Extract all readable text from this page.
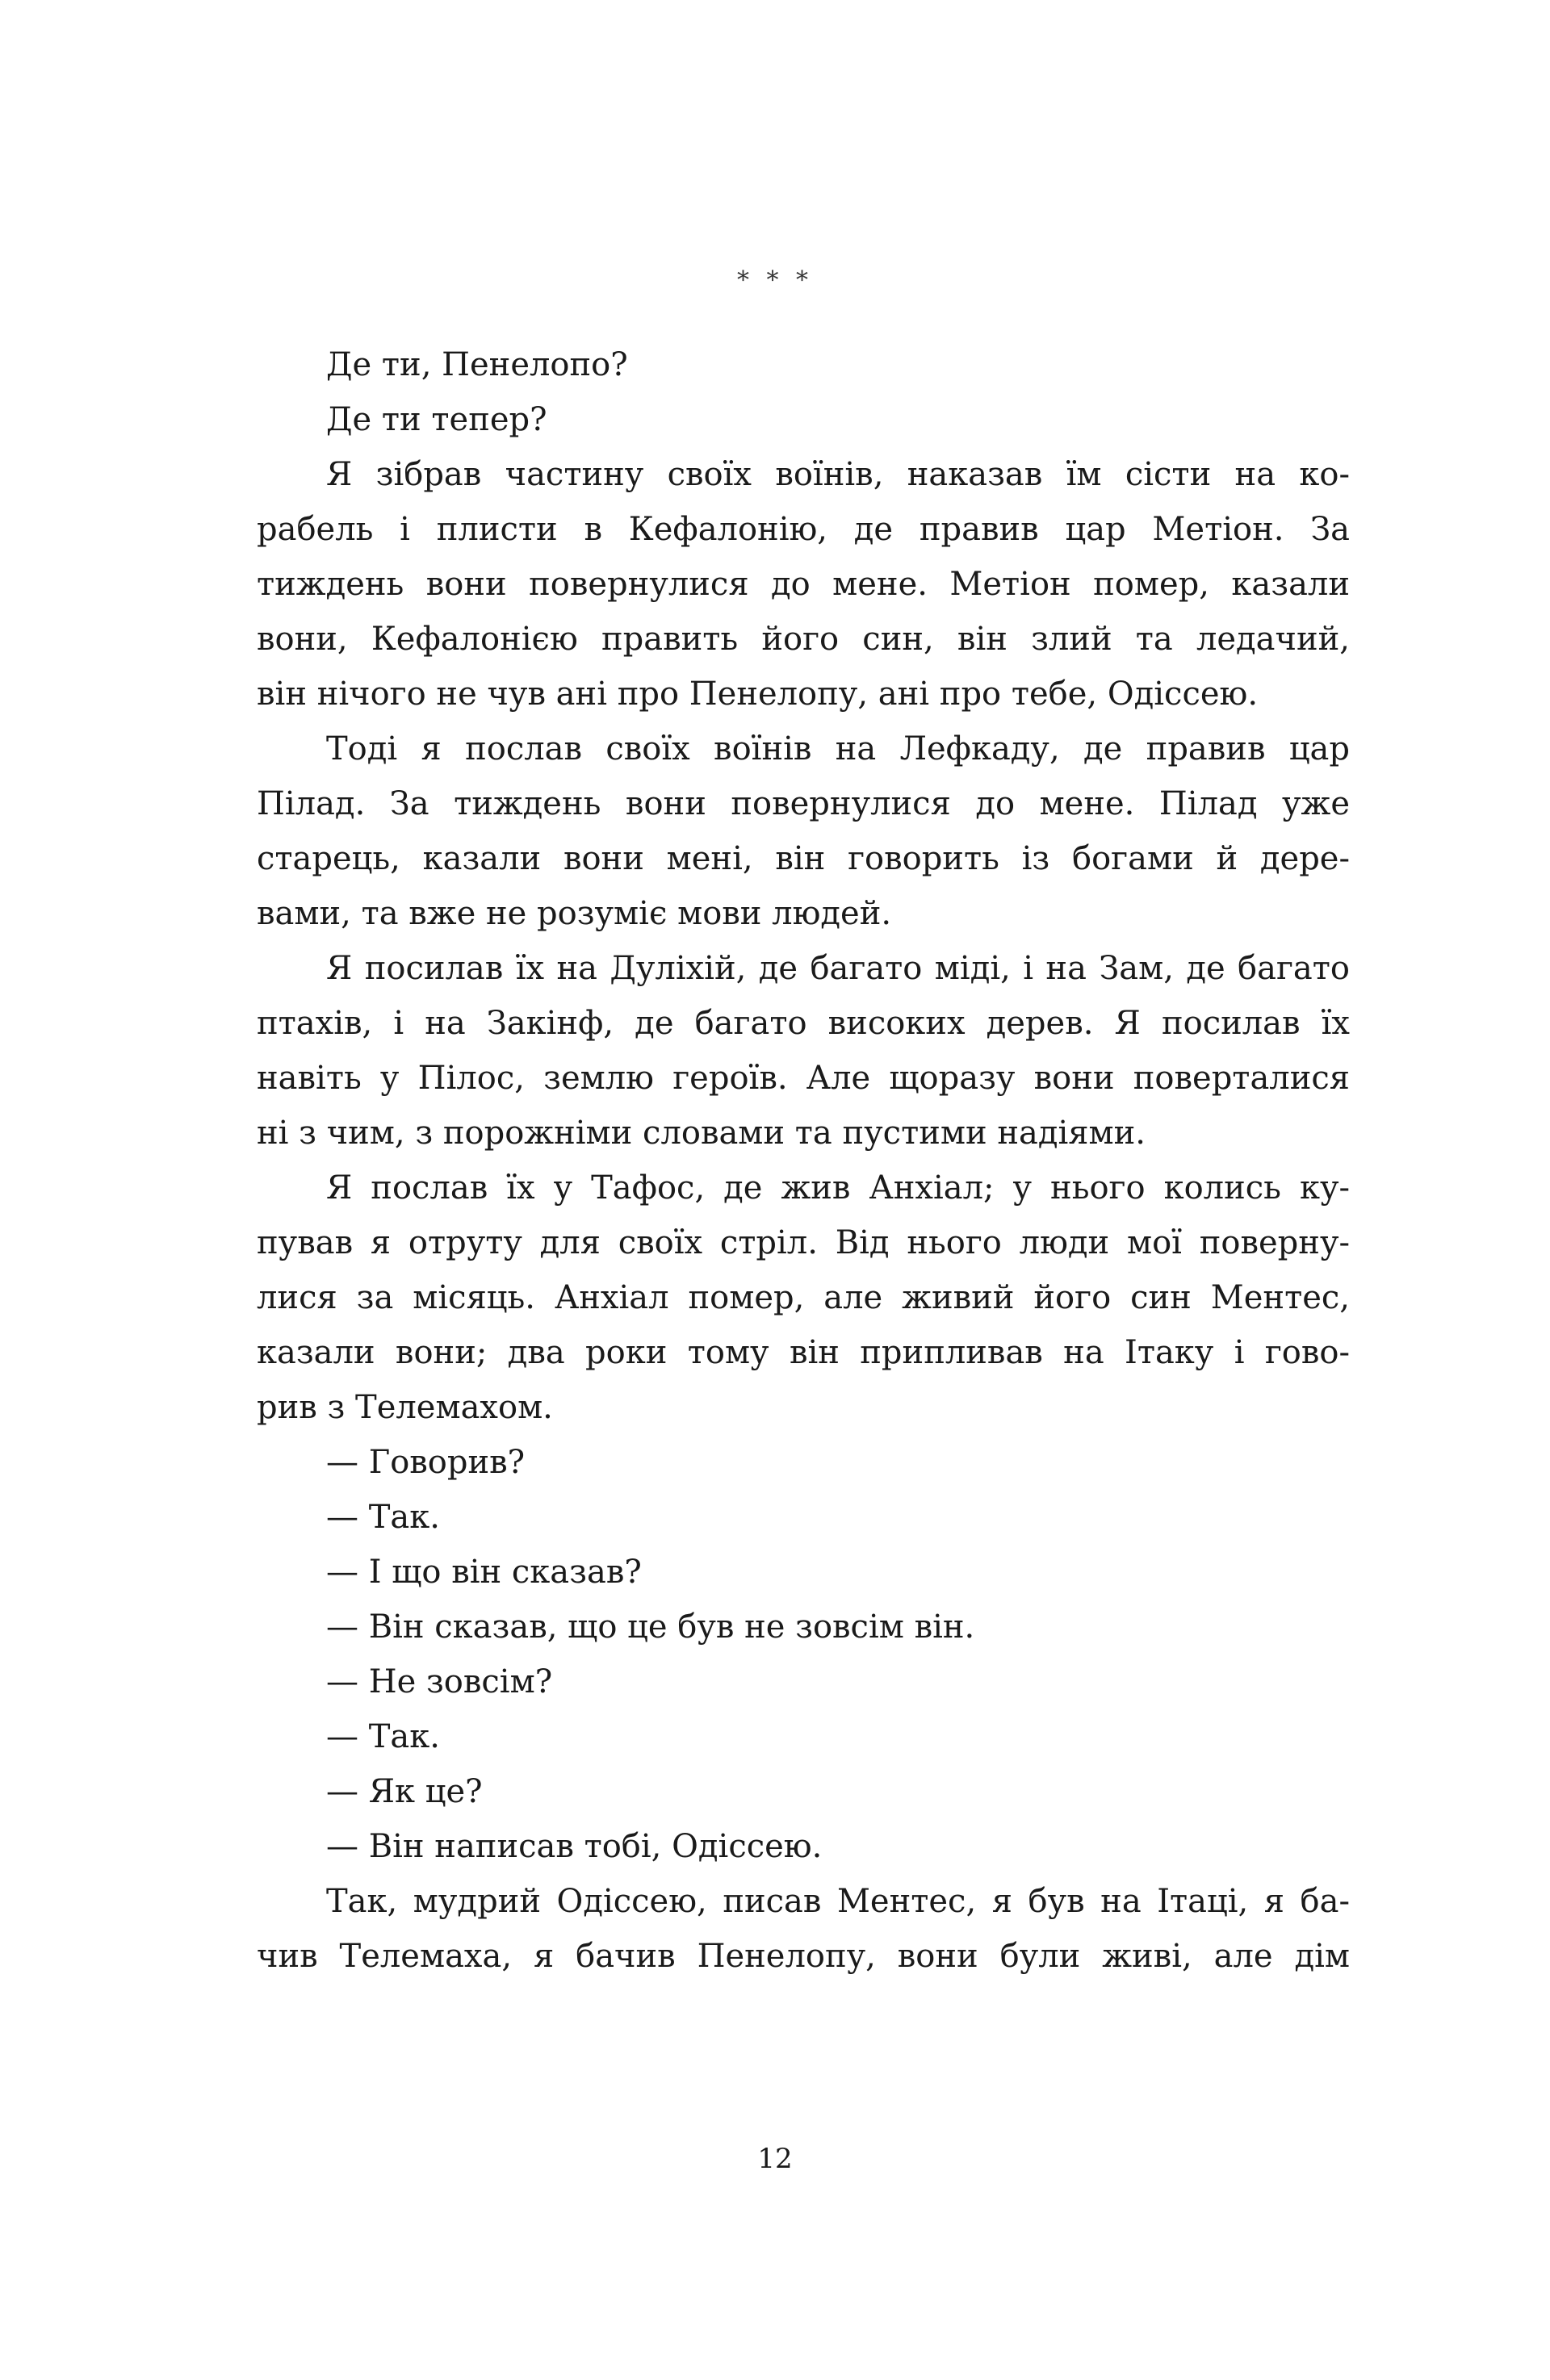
* * *
Де ти, Пенелопо?
Де ти тепер?
Я зібрав частину своїх воїнів, наказав їм сісти на ко-
рабель і плисти в Кефалонію, де правив цар Метіон. За
тиждень вони повернулися до мене. Метіон помер, казали
вони, Кефалонією править його син, він злий та ледачий,
він нічого не чув ані про Пенелопу, ані про тебе, Одіссею.
Тоді я послав своїх воїнів на Лефкаду, де правив цар
Пілад. За тиждень вони повернулися до мене. Пілад уже
старець, казали вони мені, він говорить із богами й дере-
вами, та вже не розуміє мови людей.
Я посилав їх на Дуліхій, де багато міді, і на Зам, де багато
птахів, і на Закінф, де багато високих дерев. Я посилав їх
навіть у Пілос, землю героїв. Але щоразу вони поверталися
ні з чим, з порожніми словами та пустими надіями.
Я послав їх у Тафос, де жив Анхіал; у нього колись ку-
пував я отруту для своїх стріл. Від нього люди мої поверну-
лися за місяць. Анхіал помер, але живий його син Ментес,
казали вони; два роки тому він припливав на Ітаку і гово-
рив з Телемахом.
— Говорив?
— Так.
— І що він сказав?
— Він сказав, що це був не зовсім він.
— Не зовсім?
— Так.
— Як це?
— Він написав тобі, Одіссею.
Так, мудрий Одіссею, писав Ментес, я був на Ітаці, я ба-
чив Телемаха, я бачив Пенелопу, вони були живі, але дім
12
